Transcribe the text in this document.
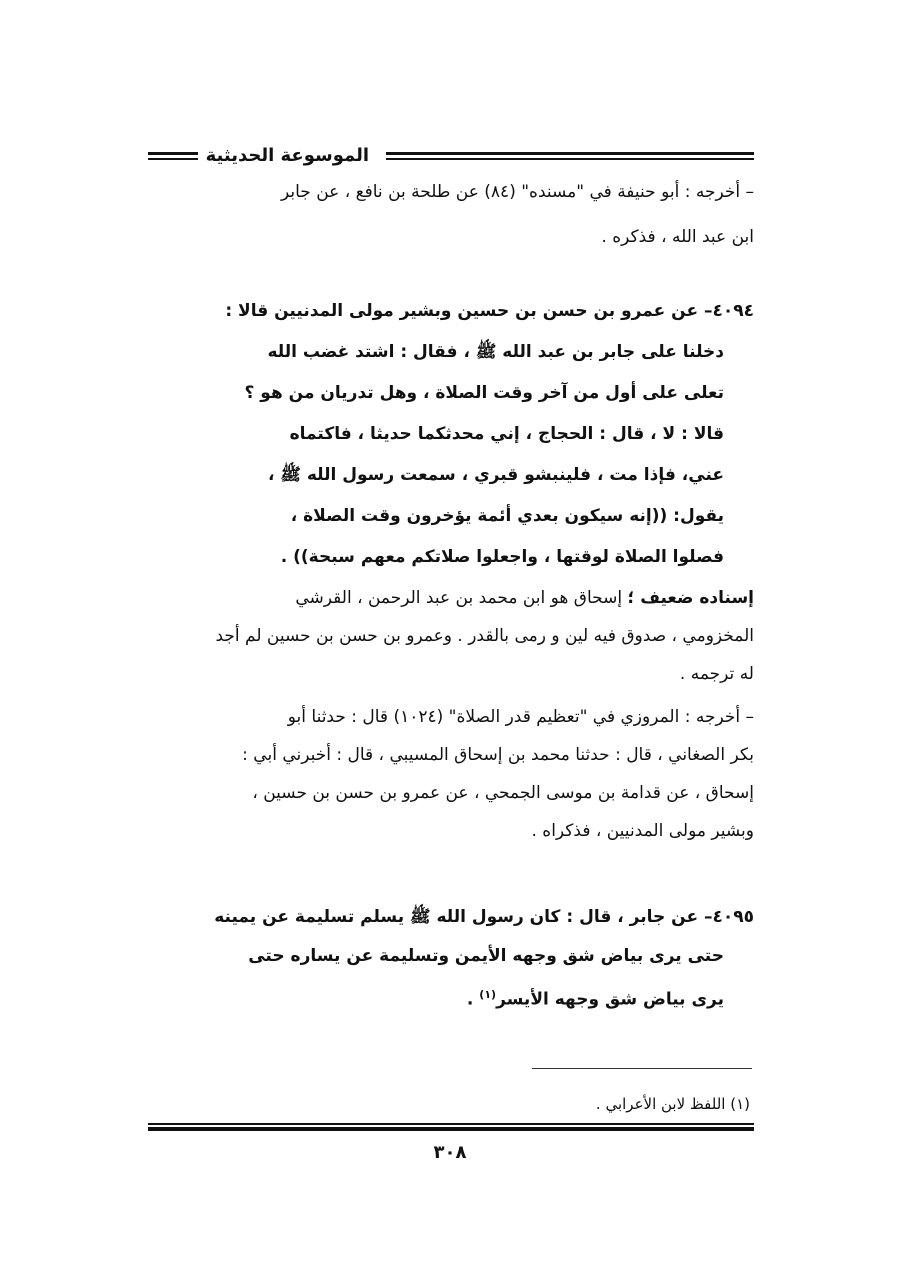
الموسوعة الحديثية
– أخرجه : أبو حنيفة في "مسنده" (٨٤) عن طلحة بن نافع ، عن جابر
ابن عبد الله ، فذكره .
٤٠٩٤– عن عمرو بن حسن بن حسين وبشير مولى المدنيين قالا :
دخلنا على جابر بن عبد الله ﷺ ، فقال : اشتد غضب الله
تعلى على أول من آخر وقت الصلاة ، وهل تدريان من هو ؟
قالا : لا ، قال : الحجاج ، إني محدثكما حديثا ، فاكتماه
عني، فإذا مت ، فلينبشو قبري ، سمعت رسول الله ﷺ ،
يقول: ((إنه سيكون بعدي أئمة يؤخرون وقت الصلاة ،
فصلوا الصلاة لوقتها ، واجعلوا صلاتكم معهم سبحة)) .
إسناده ضعيف ؛ إسحاق هو ابن محمد بن عبد الرحمن ، القرشي
المخزومي ، صدوق فيه لين و رمى بالقدر . وعمرو بن حسن بن حسين لم أجد
له ترجمه .
– أخرجه : المروزي في "تعظيم قدر الصلاة" (١٠٢٤) قال : حدثنا أبو
بكر الصغاني ، قال : حدثنا محمد بن إسحاق المسيبي ، قال : أخبرني أبي :
إسحاق ، عن قدامة بن موسى الجمحي ، عن عمرو بن حسن بن حسين ،
وبشير مولى المدنيين ، فذكراه .
٤٠٩٥– عن جابر ، قال : كان رسول الله ﷺ يسلم تسليمة عن يمينه
حتى يرى بياض شق وجهه الأيمن وتسليمة عن يساره حتى
يرى بياض شق وجهه الأيسر$^{(١)}$ .
(١) اللفظ لابن الأعرابي .
٣٠٨
